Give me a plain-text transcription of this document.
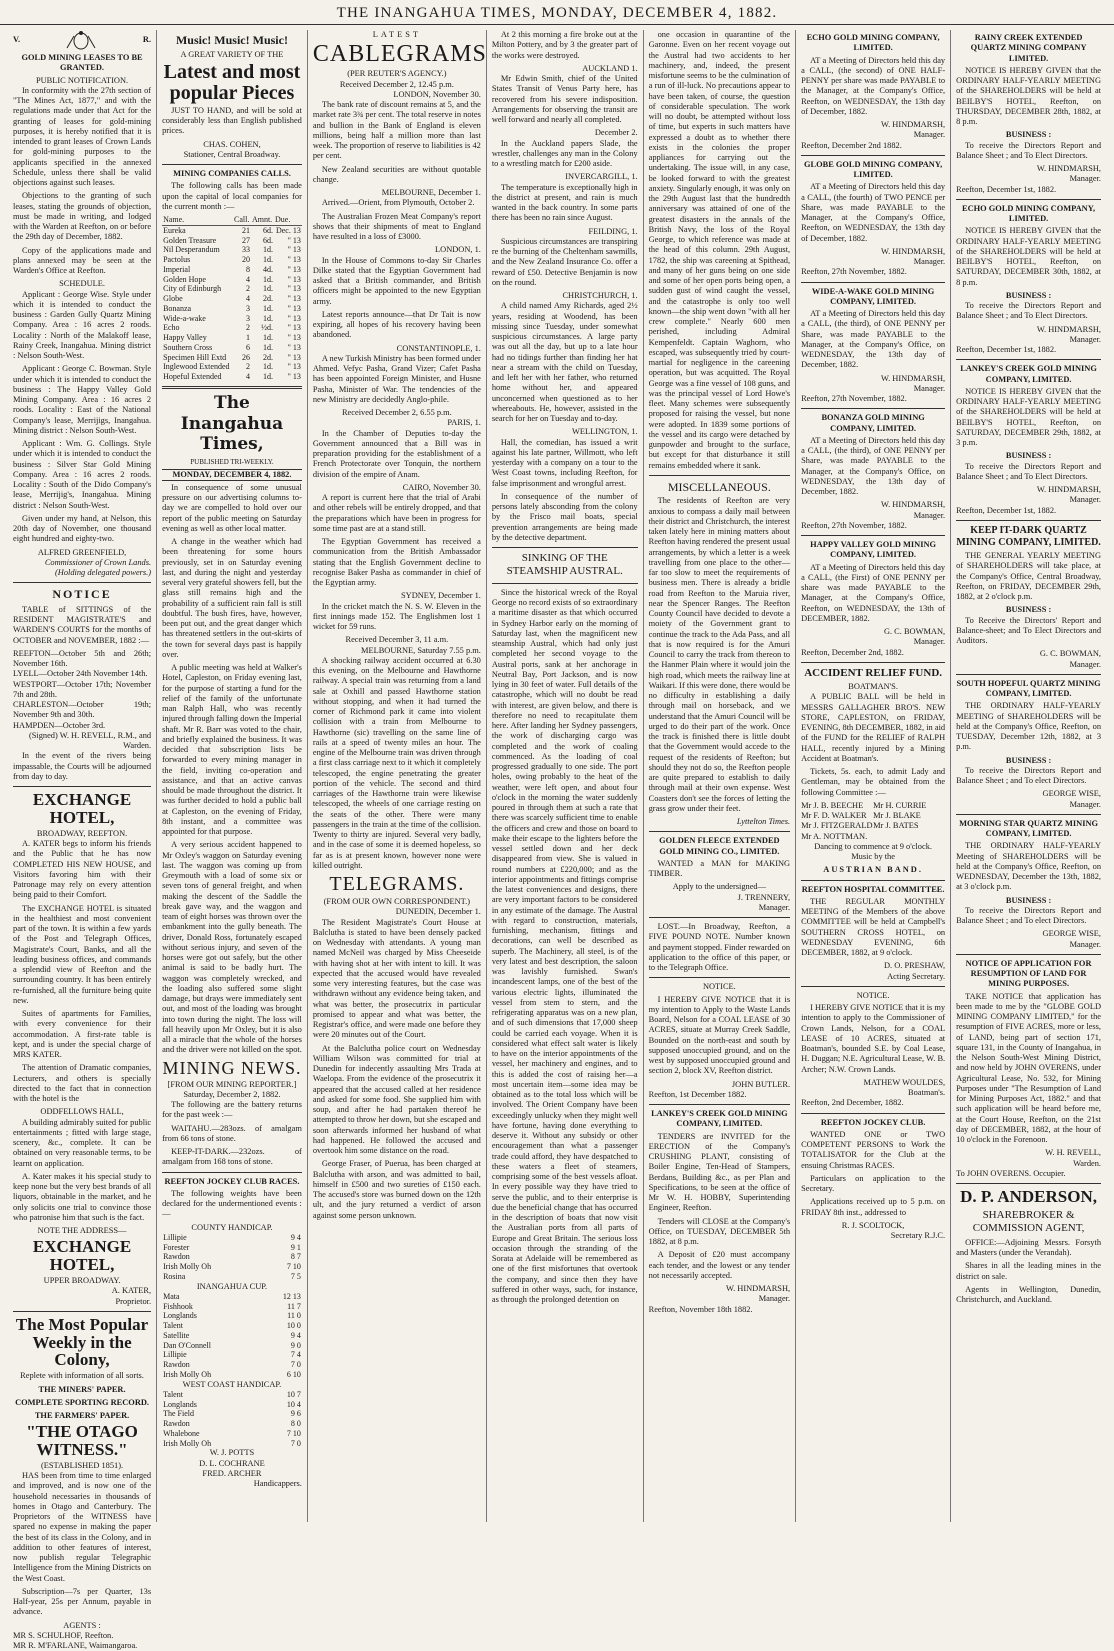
THE INANGAHUA TIMES, MONDAY, DECEMBER 4, 1882.
V.	R.
GOLD MINING LEASES TO BE GRANTED.
PUBLIC NOTIFICATION.

In conformity with the 27th section of "The Mines Act, 1877," and with the regulations made under that Act for the granting of leases for gold-mining purposes, it is hereby notified that it is intended to grant leases of Crown Lands for gold-mining purposes to the applicants specified in the annexed Schedule, unless there shall be valid objections against such leases.

Objections to the granting of such leases, stating the grounds of objection, must be made in writing, and lodged with the Warden at Reefton, on or before the 29th day of December, 1882.

Copy of the applications made and plans annexed may be seen at the Warden's Office at Reefton.

SCHEDULE.

Applicant : George Wise. Style under which it is intended to conduct the business : Garden Gully Quartz Mining Company. Area : 16 acres 2 roods. Locality : North of the Malakoff lease, Rainy Creek, Inangahua. Mining district : Nelson South-West.

Applicant : George C. Bowman. Style under which it is intended to conduct the business : The Happy Valley Gold Mining Company. Area : 16 acres 2 roods. Locality : East of the National Company's lease, Merrijigs, Inangahua. Mining district : Nelson South-West.

Applicant : Wm. G. Collings. Style under which it is intended to conduct the business : Silver Star Gold Mining Company. Area : 16 acres 2 roods. Locality : South of the Dido Company's lease, Merrijig's, Inangahua. Mining district : Nelson South-West.

Given under my hand, at Nelson, this 20th day of November, one thousand eight hundred and eighty-two.

ALFRED GREENFIELD,
Commissioner of Crown Lands. (Holding delegated powers.)
NOTICE

TABLE of SITTINGS of the RESIDENT MAGISTRATE'S and WARDEN'S COURTS for the months of OCTOBER and NOVEMBER, 1882 :—

REEFTON—October 5th and 26th; November 16th.
LYELL—October 24th November 14th.
WESTPORT—October 17th; November 7th and 28th.
CHARLESTON—October 19th; November 9th and 30th.
HAMPDEN—October 3rd.
(Signed) W. H. REVELL, R.M., and Warden.

In the event of the rivers being impassable, the Courts will be adjourned from day to day.

EXCHANGE HOTEL,
BROADWAY, REEFTON.

A. KATER begs to inform his friends and the Public that he has now COMPLETED HIS NEW HOUSE, and Visitors favoring him with their Patronage may rely on every attention being paid to their Comfort.

The EXCHANGE HOTEL is situated in the healthiest and most convenient part of the town. It is within a few yards of the Post and Telegraph Offices, Magistrate's Court, Banks, and all the leading business offices, and commands a splendid view of Reefton and the surrounding country. It has been entirely re-furnished, all the furniture being quite new.

Suites of apartments for Families, with every convenience for their accommodation. A first-rate table is kept, and is under the special charge of MRS KATER.

The attention of Dramatic companies, Lecturers, and others is specially directed to the fact that in connection with the hotel is the

ODDFELLOWS HALL,

A building admirably suited for public entertainments ; fitted with large stage, scenery, &c., complete. It can be obtained on very reasonable terms, to be learnt on application.

A. Kater makes it his special study to keep none but the very best brands of all liquors, obtainable in the market, and he only solicits one trial to convince those who patronise him that such is the fact.

NOTE THE ADDRESS—
EXCHANGE HOTEL,
UPPER BROADWAY.
A. KATER,
Proprietor.
The Most Popular Weekly in the Colony,
Replete with information of all sorts.
THE MINERS' PAPER.
COMPLETE SPORTING RECORD.
THE FARMERS' PAPER.
"THE OTAGO WITNESS."
(ESTABLISHED 1851).

HAS been from time to time enlarged and improved, and is now one of the household necessaries in thousands of homes in Otago and Canterbury. The Proprietors of the WITNESS have spared no expense in making the paper the best of its class in the Colony, and in addition to other features of interest, now publish regular Telegraphic Intelligence from the Mining Districts on the West Coast.

Subscription—7s per Quarter, 13s Half-year, 25s per Annum, payable in advance.

AGENTS :
MR S. SCHULHOF, Reefton.
MR R. M'FARLANE, Waimangaroa.
Music! Music! Music!
A GREAT VARIETY OF THE
Latest and most popular Pieces

JUST TO HAND, and will be sold at considerably less than English published prices.

CHAS. COHEN,
Stationer, Central Broadway.
MINING COMPANIES CALLS.

The following calls has been made upon the capital of local companies for the current month :—

Name.	Call.	Amnt.	Due.
Eureka	21	6d.	Dec. 13
Golden Treasure	27	6d.	" 13
Nil Desperandum	33	1d.	" 13
Pactolus	20	1d.	" 13
Imperial	8	4d.	" 13
Golden Hope	4	1d.	" 13
City of Edinburgh	2	1d.	" 13
Globe	4	2d.	" 13
Bonanza	3	1d.	" 13
Wide-a-wake	3	1d.	" 13
Echo	2	½d.	" 13
Happy Valley	1	1d.	" 13
Southern Cross	6	1d.	" 13
Specimen Hill Extd	26	2d.	" 13
Inglewood Extended	2	1d.	" 13
Hopeful Extended	4	1d.	" 13
The Inangahua Times,
PUBLISHED TRI-WEEKLY.
MONDAY, DECEMBER 4, 1882.

In consequence of some unusual pressure on our advertising columns to-day we are compelled to hold over our report of the public meeting on Saturday evening as well as other local matter.

A change in the weather which had been threatening for some hours previously, set in on Saturday evening last, and during the night and yesterday several very grateful showers fell, but the glass still remains high and the probability of a sufficient rain fall is still doubtful. The bush fires, have, however, been put out, and the great danger which has threatened settlers in the out-skirts of the town for several days past is happily over.

A public meeting was held at Walker's Hotel, Capleston, on Friday evening last, for the purpose of starting a fund for the relief of the family of the unfortunate man Ralph Hall, who was recently injured through falling down the Imperial shaft. Mr R. Barr was voted to the chair, and briefly explained the business. It was decided that subscription lists be forwarded to every mining manager in the field, inviting co-operation and assistance, and that an active canvas should be made throughout the district. It was further decided to hold a public ball at Capleston, on the evening of Friday, 8th instant, and a committee was appointed for that purpose.

A very serious accident happened to Mr Oxley's waggon on Saturday evening last. The waggon was coming up from Greymouth with a load of some six or seven tons of general freight, and when making the descent of the Saddle the break gave way, and the waggon and team of eight horses was thrown over the embankment into the gully beneath. The driver, Donald Ross, fortunately escaped without serious injury, and seven of the horses were got out safely, but the other animal is said to be badly hurt. The waggon was completely wrecked, and the loading also suffered some slight damage, but drays were immediately sent out, and most of the loading was brought into town during the night. The loss will fall heavily upon Mr Oxley, but it is also all a miracle that the whole of the horses and the driver were not killed on the spot.

MINING NEWS.
[FROM OUR MINING REPORTER.]
Saturday, December 2, 1882.

The following are the battery returns for the past week :—

WAITAHU.—283ozs. of amalgam from 66 tons of stone.

KEEP-IT-DARK.—232ozs. of amalgam from 168 tons of stone.

REEFTON JOCKEY CLUB RACES.

The following weights have been declared for the undermentioned events :—

COUNTY HANDICAP.
Lillipie	9 4
Forester	9 1
Rawdon	8 7
Irish Molly Oh	7 10
Rosina	7 5
INANGAHUA CUP.
Mata	12 13
Fishhook	11 7
Longlands	11 0
Talent	10 0
Satellite	9 4
Dan O'Connell	9 0
Lillipie	7 4
Rawdon	7 0
Irish Molly Oh	6 10
WEST COAST HANDICAP.
Talent	10 7
Longlands	10 4
The Field	9 6
Rawdon	8 0
Whalebone	7 10
Irish Molly Oh	7 0
W. J. POTTS
D. L. COCHRANE
FRED. ARCHER
Handicappers.
LATEST
CABLEGRAMS
(PER REUTER'S AGENCY.)
Received December 2, 12.45 p.m.
LONDON, November 30.

The bank rate of discount remains at 5, and the market rate 3¾ per cent. The total reserve in notes and bullion in the Bank of England is eleven millions, being half a million more than last week. The proportion of reserve to liabilities is 42 per cent.

New Zealand securities are without quotable change.

MELBOURNE, December 1.

Arrived.—Orient, from Plymouth, October 2.

The Australian Frozen Meat Company's report shows that their shipments of meat to England have resulted in a loss of £3000.

LONDON, 1.

In the House of Commons to-day Sir Charles Dilke stated that the Egyptian Government had asked that a British commander, and British officers might be appointed to the new Egyptian army.

Latest reports announce—that Dr Tait is now expiring, all hopes of his recovery having been abandoned.

CONSTANTINOPLE, 1.

A new Turkish Ministry has been formed under Ahmed. Vefyc Pasha, Grand Vizer; Cafet Pasha has been appointed Foreign Minister, and Husne Pasha, Minister of War. The tendencies of the new Ministry are decidedly Anglo-phile.

Received December 2, 6.55 p.m.
PARIS, 1.

In the Chamber of Deputies to-day the Government announced that a Bill was in preparation providing for the establishment of a French Protectorate over Tonquin, the northern division of the empire of Anam.

CAIRO, November 30.

A report is current here that the trial of Arabi and other rebels will be entirely dropped, and that the preparations which have been in progress for some time past are at a stand still.

The Egyptian Government has received a communication from the British Ambassador stating that the English Government decline to recognise Baker Pasha as commander in chief of the Egyptian army.

SYDNEY, December 1.

In the cricket match the N. S. W. Eleven in the first innings made 152. The Englishmen lost 1 wicket for 59 runs.

Received December 3, 11 a.m.
MELBOURNE, Saturday 7.55 p.m.

A shocking railway accident occurred at 6.30 this evening, on the Melbourne and Hawthorne railway. A special train was returning from a land sale at Oxhill and passed Hawthorne station without stopping, and when it had turned the corner of Richmond park it came into violent collision with a train from Melbourne to Hawthorne (sic) travelling on the same line of rails at a speed of twenty miles an hour. The engine of the Melbourne train was driven through a first class carriage next to it which it completely telescoped, the engine penetrating the greater portion of the vehicle. The second and third carriages of the Hawthorne train were likewise telescoped, the wheels of one carriage resting on the seats of the other. There were many passengers in the train at the time of the collision. Twenty to thirty are injured. Several very badly, and in the case of some it is deemed hopeless, so far as is at present known, however none were killed outright.

TELEGRAMS.
(FROM OUR OWN CORRESPONDENT.)
DUNEDIN, December 1.

The Resident Magistrate's Court House at Balclutha is stated to have been densely packed on Wednesday with attendants. A young man named McNeil was charged by Miss Cheeseide with having shot at her with intent to kill. It was expected that the accused would have revealed some very interesting features, but the case was withdrawn without any evidence being taken, and what was better, the prosecutrix in particular promised to appear and what was better, the Registrar's office, and were made one before they were 20 minutes out of the Court.

At the Balclutha police court on Wednesday William Wilson was committed for trial at Dunedin for indecently assaulting Mrs Trada at Waelopa. From the evidence of the prosecutrix it appeared that the accused called at her residence and asked for some food. She supplied him with soup, and after he had partaken thereof he attempted to throw her down, but she escaped and soon afterwards informed her husband of what had happened. He followed the accused and overtook him some distance on the road.

George Fraser, of Puerua, has been charged at Balclutha with arson, and was admitted to bail, himself in £500 and two sureties of £150 each. The accused's store was burned down on the 12th ult, and the jury returned a verdict of arson against some person unknown.

At 2 this morning a fire broke out at the Milton Pottery, and by 3 the greater part of the works were destroyed.

AUCKLAND 1.

Mr Edwin Smith, chief of the United States Transit of Venus Party here, has recovered from his severe indisposition. Arrangements for observing the transit are well forward and nearly all completed.

December 2.

In the Auckland papers Slade, the wrestler, challenges any man in the Colony to a wrestling match for £200 aside.

INVERCARGILL, 1.

The temperature is exceptionally high in the district at present, and rain is much wanted in the back country. In some parts there has been no rain since August.

FEILDING, 1.

Suspicious circumstances are transpiring re the burning of the Cheltenham sawmills, and the New Zealand Insurance Co. offer a reward of £50. Detective Benjamin is now on the round.

CHRISTCHURCH, 1.

A child named Amy Richards, aged 2½ years, residing at Woodend, has been missing since Tuesday, under somewhat suspicious circumstances. A large party was out all the day, but up to a late hour had no tidings further than finding her hat near a stream with the child on Tuesday, and left her with her father, who returned home without her, and appeared unconcerned when questioned as to her whereabouts. He, however, assisted in the search for her on Tuesday and to-day.

WELLINGTON, 1.

Hall, the comedian, has issued a writ against his late partner, Willmott, who left yesterday with a company on a tour to the West Coast towns, including Reefton, for false imprisonment and wrongful arrest.

In consequence of the number of persons lately absconding from the colony by the Frisco mail boats, special prevention arrangements are being made by the detective department.

SINKING OF THE STEAMSHIP AUSTRAL.

Since the historical wreck of the Royal George no record exists of so extraordinary a maritime disaster as that which occurred in Sydney Harbor early on the morning of Saturday last, when the magnificent new steamship Austral, which had only just completed her second voyage to the Austral ports, sank at her anchorage in Neutral Bay, Port Jackson, and is now lying in 30 feet of water. Full details of the catastrophe, which will no doubt be read with interest, are given below, and there is therefore no need to recapitulate them here. After landing her Sydney passengers, the work of discharging cargo was completed and the work of coaling commenced. As the loading of coal progressed gradually to one side. The port holes, owing probably to the heat of the weather, were left open, and about four o'clock in the morning the water suddenly poured in through them at such a rate that there was scarcely sufficient time to enable the officers and crew and those on board to make their escape to the lighters before the vessel settled down and her deck disappeared from view. She is valued in round numbers at £220,000; and as the interior appointments and fittings comprise the latest conveniences and designs, there are very important factors to be considered in any estimate of the damage. The Austral with regard to construction, materials, furnishing, mechanism, fittings and decorations, can well be described as superb. The Machinery, all steel, is of the very latest and best description, the saloon was lavishly furnished. Swan's incandescent lamps, one of the best of the various electric lights, illuminated the vessel from stem to stern, and the refrigerating apparatus was on a new plan, and of such dimensions that 17,000 sheep could be carried each voyage. When it is considered what effect salt water is likely to have on the interior appointments of the vessel, her machinery and engines, and to this is added the cost of raising her—a most uncertain item—some idea may be obtained as to the total loss which will be involved. The Orient Company have been exceedingly unlucky when they might well have fortune, having done everything to deserve it. Without any subsidy or other encouragement than what a passenger trade could afford, they have despatched to these waters a fleet of steamers, comprising some of the best vessels afloat. In every possible way they have tried to serve the public, and to their enterprise is due the beneficial change that has occurred in the description of boats that now visit the Australian ports from all parts of Europe and Great Britain. The serious loss occasion through the stranding of the Sorata at Adelaide will be remembered as one of the first misfortunes that overtook the company, and since then they have suffered in other ways, such, for instance, as through the prolonged detention on

one occasion in quarantine of the Garonne. Even on her recent voyage out the Austral had two accidents to her machinery, and, indeed, the present misfortune seems to be the culmination of a run of ill-luck. No precautions appear to have been taken, of course, the question of considerable speculation. The work will no doubt, be attempted without loss of time, but experts in such matters have expressed a doubt as to whether there exists in the colonies the proper appliances for carrying out the undertaking. The issue will, in any case, be looked forward to with the greatest anxiety. Singularly enough, it was only on the 29th August last that the hundredth anniversary was attained of one of the greatest disasters in the annals of the British Navy, the loss of the Royal George, to which reference was made at the head of this column. 29th August, 1782, the ship was careening at Spithead, and many of her guns being on one side and some of her open ports being open, a sudden gust of wind caught the vessel, and the catastrophe is only too well known—the ship went down "with all her crew complete." Nearly 600 men perished, including Admiral Kempenfeldt. Captain Waghorn, who escaped, was subsequently tried by court-martial for negligence in the careening operation, but was acquitted. The Royal George was a fine vessel of 108 guns, and was the principal vessel of Lord Howe's fleet. Many schemes were subsequently proposed for raising the vessel, but none were adopted. In 1839 some portions of the vessel and its cargo were detached by gunpowder and brought to the surface, but except for that disturbance it still remains embedded where it sank.

MISCELLANEOUS.

The residents of Reefton are very anxious to compass a daily mail between their district and Christchurch, the interest taken lately here in mining matters about Reefton having rendered the present usual arrangements, by which a letter is a week travelling from one place to the other—far too slow to meet the requirements of business men. There is already a bridle road from Reefton to the Maruia river, near the Spencer Ranges. The Reefton County Council have decided to devote a moiety of the Government grant to continue the track to the Ada Pass, and all that is now required is for the Amuri Council to carry the track from thereon to the Hanmer Plain where it would join the high road, which meets the railway line at Waikari. If this were done, there would be no difficulty in establishing a daily through mail on horseback, and we understand that the Amuri Council will be urged to do their part of the work. Once the track is finished there is little doubt that the Government would accede to the request of the residents of Reefton; but should they not do so, the Reefton people are quite prepared to establish to daily through mail at their own expense. West Coasters don't see the forces of letting the grass grow under their feet.

Lyttelton Times.
GOLDEN FLEECE EXTENDED GOLD MINING CO., LIMITED.

WANTED a MAN for MAKING TIMBER.

Apply to the undersigned—
J. TRENNERY,
Manager.

LOST.—In Broadway, Reefton, a FIVE POUND NOTE. Number known and payment stopped. Finder rewarded on application to the office of this paper, or to the Telegraph Office.

NOTICE.

I HEREBY GIVE NOTICE that it is my intention to Apply to the Waste Lands Board, Nelson for a COAL LEASE of 30 ACRES, situate at Murray Creek Saddle, Bounded on the north-east and south by supposed unoccupied ground, and on the west by supposed unoccupied ground and section 2, block XV, Reefton district.

JOHN BUTLER.
Reefton, 1st December 1882.
LANKEY'S CREEK GOLD MINING COMPANY, LIMITED.

TENDERS are INVITED for the ERECTION of the Company's CRUSHING PLANT, consisting of Boiler Engine, Ten-Head of Stampers, Berdans, Building &c., as per Plan and Specifications, to be seen at the office of Mr W. H. HOBBY, Superintending Engineer, Reefton.

Tenders will CLOSE at the Company's Office, on TUESDAY, DECEMBER 5th 1882, at 8 p.m.

A Deposit of £20 must accompany each tender, and the lowest or any tender not necessarily accepted.

W. HINDMARSH,
Manager.
Reefton, November 18th 1882.
ECHO GOLD MINING COMPANY, LIMITED.

AT a Meeting of Directors held this day a CALL, (the second) of ONE HALF-PENNY per share was made PAYABLE to the Manager, at the Company's Office, Reefton, on WEDNESDAY, the 13th day of December, 1882.

W. HINDMARSH,
Manager.
Reefton, December 2nd 1882.
GLOBE GOLD MINING COMPANY, LIMITED.

AT a Meeting of Directors held this day a CALL, (the fourth) of TWO PENCE per Share, was made PAYABLE to the Manager, at the Company's Office, Reefton, on WEDNESDAY, the 13th day of December, 1882.

W. HINDMARSH,
Manager.
Reefton, 27th November, 1882.
WIDE-A-WAKE GOLD MINING COMPANY, LIMITED.

AT a Meeting of Directors held this day a CALL, (the third), of ONE PENNY per Share, was made PAYABLE to the Manager, at the Company's Office, on WEDNESDAY, the 13th day of December, 1882.

W. HINDMARSH,
Manager.
Reefton, 27th November, 1882.
BONANZA GOLD MINING COMPANY, LIMITED.

AT a Meeting of Directors held this day a CALL, (the third), of ONE PENNY per Share, was made PAYABLE to the Manager, at the Company's Office, on WEDNESDAY, the 13th day of December, 1882.

W. HINDMARSH,
Manager.
Reefton, 27th November, 1882.
HAPPY VALLEY GOLD MINING COMPANY, LIMITED.

AT a Meeting of Directors held this day a CALL, (the First) of ONE PENNY per share was made PAYABLE to the Manager, at the Company's Office, Reefton, on WEDNESDAY, the 13th of DECEMBER, 1882.

G. C. BOWMAN,
Manager.
Reefton, December 2nd, 1882.
ACCIDENT RELIEF FUND.
BOATMAN'S.

A PUBLIC BALL will be held in MESSRS GALLAGHER BRO'S. NEW STORE, CAPLESTON, on FRIDAY, EVENING, 8th DECEMBER, 1882, in aid of the FUND for the RELIEF of RALPH HALL, recently injured by a Mining Accident at Boatman's.

Tickets, 5s. each, to admit Lady and Gentleman, may be obtained from the following Committee :—

Mr J. B. BEECHE	Mr H. CURRIE
Mr F. D. WALKER Mr J. BLAKE
Mr J. FITZGERALD Mr J. BATES
Mr A. NOTTMAN.
Dancing to commence at 9 o'clock.
Music by the
AUSTRIAN BAND.
REEFTON HOSPITAL COMMITTEE.

THE REGULAR MONTHLY MEETING of the Members of the above COMMITTEE will be held at Campbell's SOUTHERN CROSS HOTEL, on WEDNESDAY EVENING, 6th DECEMBER, 1882, at 9 o'clock.

D. O. PRESHAW,
Acting Secretary.
NOTICE.

I HEREBY GIVE NOTICE that it is my intention to apply to the Commissioner of Crown Lands, Nelson, for a COAL LEASE of 10 ACRES, situated at Boatman's, bounded S.E. by Coal Lease, H. Duggan; N.E. Agricultural Lease, W. B. Archer; N.W. Crown Lands.

MATHEW WOULDES,
Boatman's.
Reefton, 2nd December, 1882.
REEFTON JOCKEY CLUB.

WANTED ONE or TWO COMPETENT PERSONS to Work the TOTALISATOR for the Club at the ensuing Christmas RACES.

Particulars on application to the Secretary.

Applications received up to 5 p.m. on FRIDAY 8th inst., addressed to

R. J. SCOLTOCK,
Secretary R.J.C.
RAINY CREEK EXTENDED QUARTZ MINING COMPANY LIMITED.

NOTICE IS HEREBY GIVEN that the ORDINARY HALF-YEARLY MEETING of the SHAREHOLDERS will be held at BEILBY'S HOTEL, Reefton, on THURSDAY, DECEMBER 28th, 1882, at 8 p.m.

BUSINESS :

To receive the Directors Report and Balance Sheet ; and To Elect Directors.

W. HINDMARSH,
Manager.
Reefton, December 1st, 1882.
ECHO GOLD MINING COMPANY, LIMITED.

NOTICE IS HEREBY GIVEN that the ORDINARY HALF-YEARLY MEETING of the SHAREHOLDERS will be held at BEILBY'S HOTEL, Reefton, on SATURDAY, DECEMBER 30th, 1882, at 8 p.m.

BUSINESS :

To receive the Directors Report and Balance Sheet ; and To Elect Directors.

W. HINDMARSH,
Manager.
Reefton, December 1st, 1882.
LANKEY'S CREEK GOLD MINING COMPANY, LIMITED.

NOTICE IS HEREBY GIVEN that the ORDINARY HALF-YEARLY MEETING of the SHAREHOLDERS will be held at BEILBY'S HOTEL, Reefton, on SATURDAY, DECEMBER 29th, 1882, at 3 p.m.

BUSINESS :

To receive the Directors Report and Balance Sheet ; and To Elect Directors.

W. HINDMARSH,
Manager.
Reefton, December 1st, 1882.
KEEP IT-DARK QUARTZ MINING COMPANY, LIMITED.

THE GENERAL YEARLY MEETING of SHAREHOLDERS will take place, at the Company's Office, Central Broadway, Reefton, on FRIDAY, DECEMBER 29th, 1882, at 2 o'clock p.m.

BUSINESS :

To Receive the Directors' Report and Balance-sheet; and To Elect Directors and Auditors.

G. C. BOWMAN,
Manager.
SOUTH HOPEFUL QUARTZ MINING COMPANY, LIMITED.

THE ORDINARY HALF-YEARLY MEETING of SHAREHOLDERS will be held at the Company's Office, Reefton, on TUESDAY, December 12th, 1882, at 3 p.m.

BUSINESS :

To receive the Directors Report and Balance Sheet ; and To elect Directors.

GEORGE WISE,
Manager.
MORNING STAR QUARTZ MINING COMPANY, LIMITED.

THE ORDINARY HALF-YEARLY Meeting of SHAREHOLDERS will be held at the Company's Office, Reefton, on WEDNESDAY, December the 13th, 1882, at 3 o'clock p.m.

BUSINESS :

To receive the Directors Report and Balance Sheet ; and To elect Directors.

GEORGE WISE,
Manager.
NOTICE OF APPLICATION FOR RESUMPTION OF LAND FOR MINING PURPOSES.

TAKE NOTICE that application has been made to me by the "GLOBE GOLD MINING COMPANY LIMITED," for the resumption of FIVE ACRES, more or less, of LAND, being part of section 171, square 131, in the County of Inangahua, in the Nelson South-West Mining District, and now held by JOHN OVERENS, under Agricultural Lease, No. 532, for Mining Purposes under "The Resumption of Land for Mining Purposes Act, 1882." and that such application will be heard before me, at the Court House, Reefton, on the 21st day of DECEMBER, 1882, at the hour of 10 o'clock in the Forenoon.

W. H. REVELL,
Warden.
To JOHN OVERENS. Occupier.
D. P. ANDERSON,
SHAREBROKER & COMMISSION AGENT,

OFFICE:—Adjoining Messrs. Forsyth and Masters (under the Verandah).

Shares in all the leading mines in the district on sale.

Agents in Wellington, Dunedin, Christchurch, and Auckland.
